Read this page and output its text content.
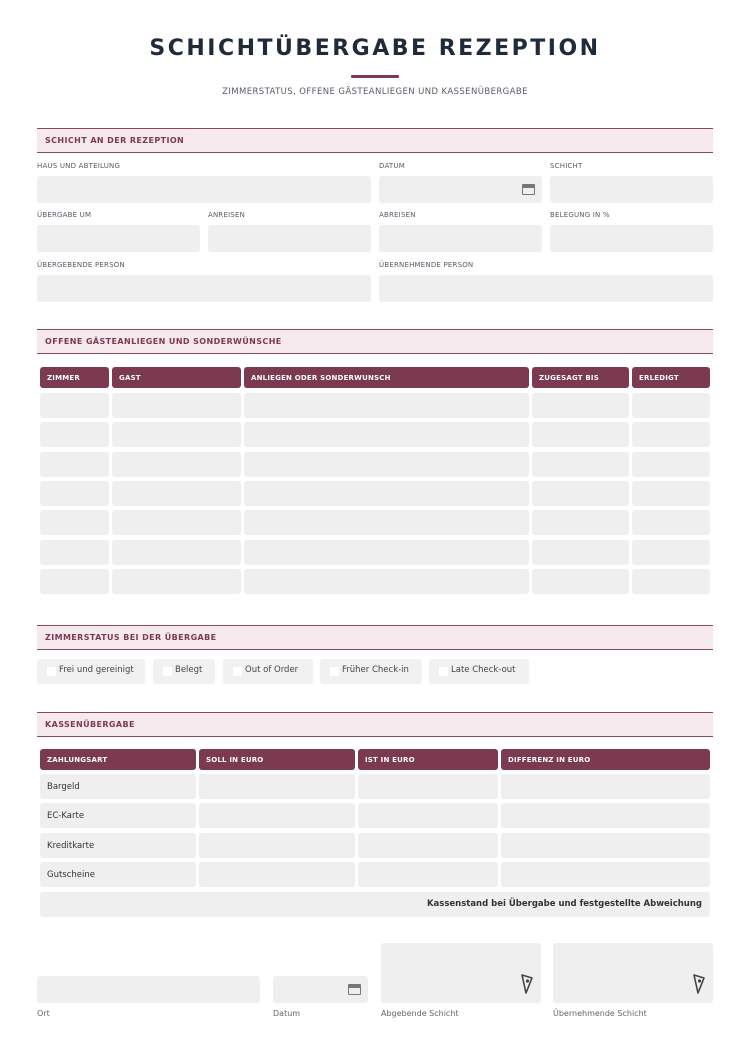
SCHICHTÜBERGABE REZEPTION
ZIMMERSTATUS, OFFENE GÄSTEANLIEGEN UND KASSENÜBERGABE
SCHICHT AN DER REZEPTION
HAUS UND ABTEILUNG	DATUM	SCHICHT
ÜBERGABE UM	ANREISEN	ABREISEN	BELEGUNG IN %
ÜBERGEBENDE PERSON	ÜBERNEHMENDE PERSON
OFFENE GÄSTEANLIEGEN UND SONDERWÜNSCHE
ZIMMER	GAST	ANLIEGEN ODER SONDERWUNSCH	ZUGESAGT BIS	ERLEDIGT
ZIMMERSTATUS BEI DER ÜBERGABE
Frei und gereinigt	Belegt	Out of Order	Früher Check-in	Late Check-out
KASSENÜBERGABE
ZAHLUNGSART	SOLL IN EURO	IST IN EURO	DIFFERENZ IN EURO
Bargeld
EC-Karte
Kreditkarte
Gutscheine
Kassenstand bei Übergabe und festgestellte Abweichung
Ort	Datum	Abgebende Schicht	Übernehmende Schicht
